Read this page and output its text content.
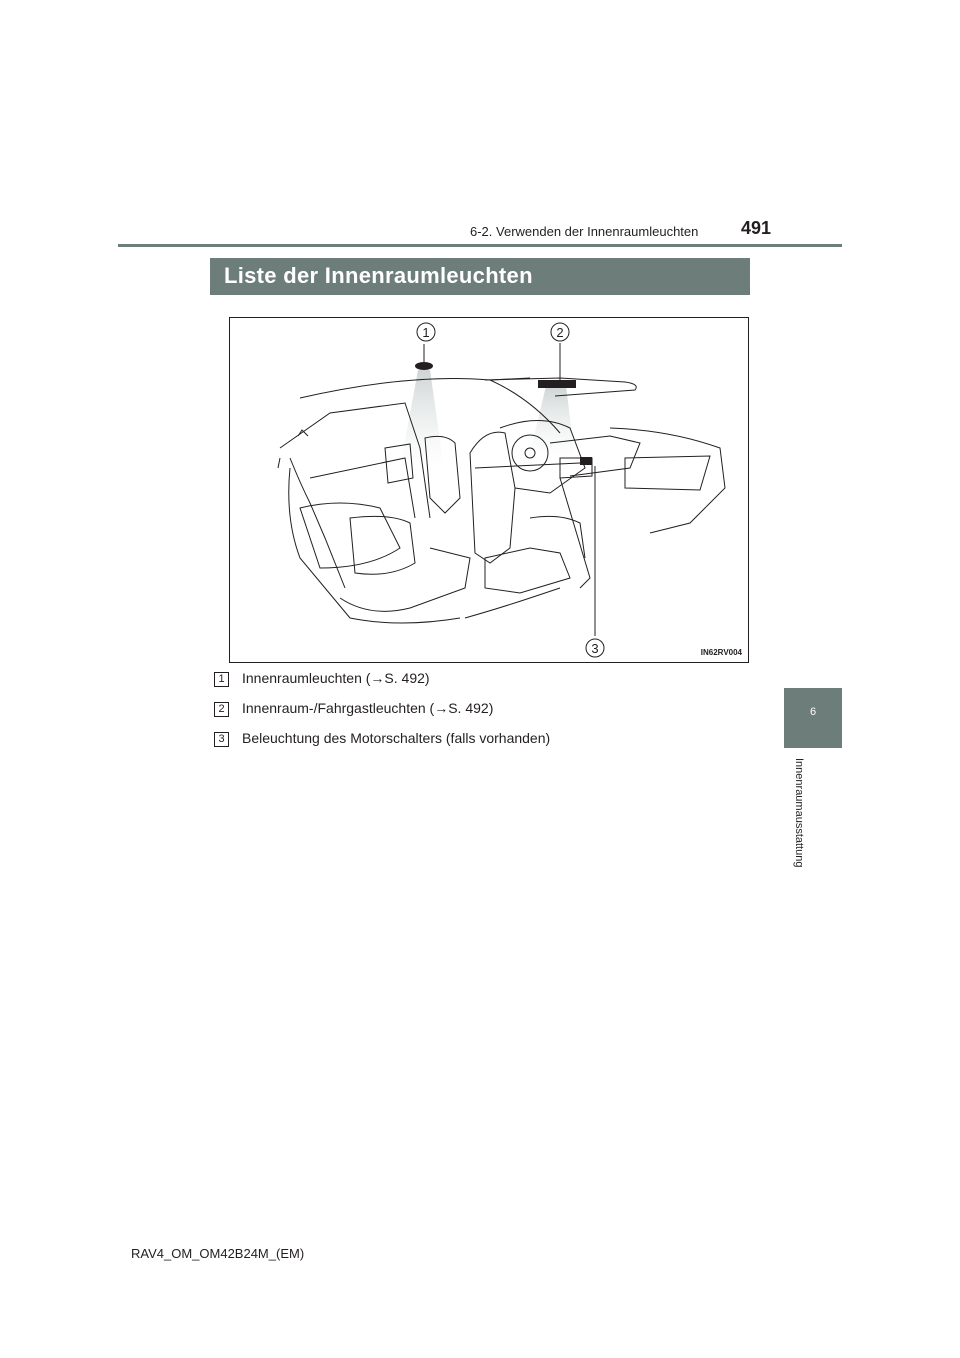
6-2. Verwenden der Innenraumleuchten 491
Liste der Innenraumleuchten
1	2
3	IN62RV004
1	Innenraumleuchten (→S. 492)
2	Innenraum-/Fahrgastleuchten (→S. 492)
3	Beleuchtung des Motorschalters (falls vorhanden)
6
Innenraumausstattung
RAV4_OM_OM42B24M_(EM)
